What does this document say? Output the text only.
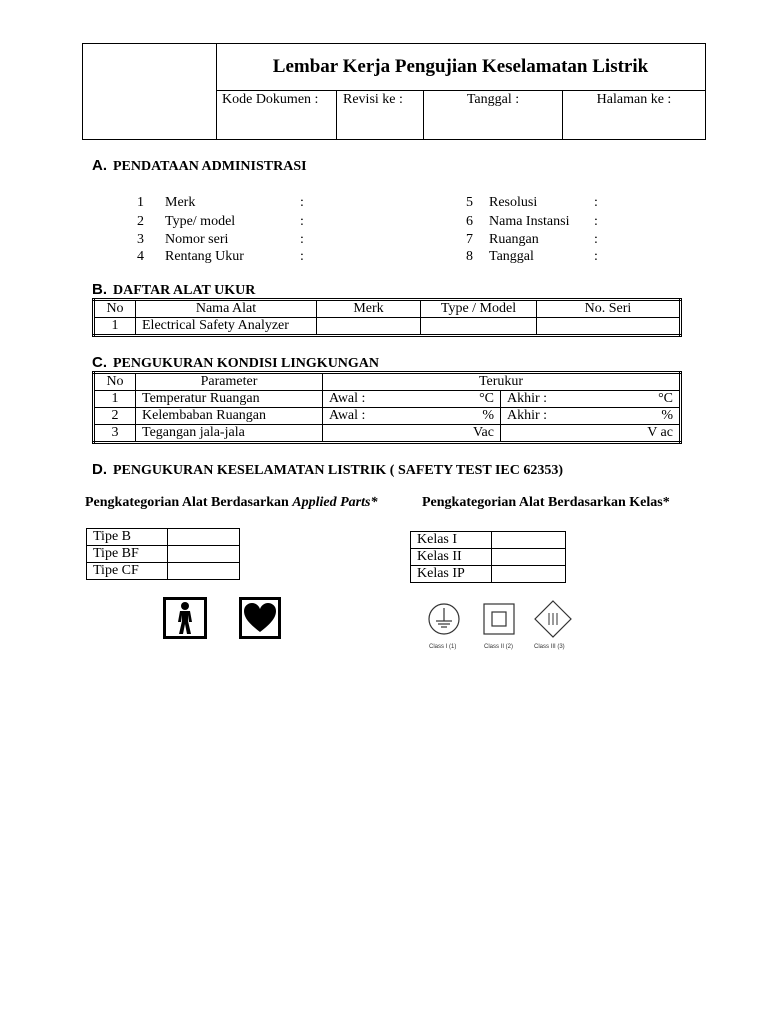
Lembar Kerja Pengujian Keselamatan Listrik
Kode Dokumen :	Revisi ke :	Tanggal :	Halaman ke :
A. PENDATAAN ADMINISTRASI
B. DAFTAR ALAT UKUR
No	Nama Alat	Merk	Type / Model	No. Seri
1	Electrical Safety Analyzer			
C. PENGUKURAN KONDISI LINGKUNGAN
No	Parameter	Terukur	
1	Temperatur Ruangan	Awal : °C	Akhir : °C

2	Kelembaban Ruangan	Awal : %	Akhir : %

3	Tegangan jala-jala	Vac	V ac
D. PENGUKURAN KESELAMATAN LISTRIK ( SAFETY TEST IEC 62353)
Pengkategorian Alat Berdasarkan Applied Parts*	Pengkategorian Alat Berdasarkan Kelas*
Tipe B	
Tipe BF	
Tipe CF	
Kelas I	
Kelas II	
Kelas IP	
Class I (1)	Class II (2)	Class III (3)
1 Merk	:
2 Type/ model	:
3 Nomor seri	:
4 Rentang Ukur	:
5 Resolusi	:
6 Nama Instansi :
7 Ruangan	:
8 Tanggal	:
